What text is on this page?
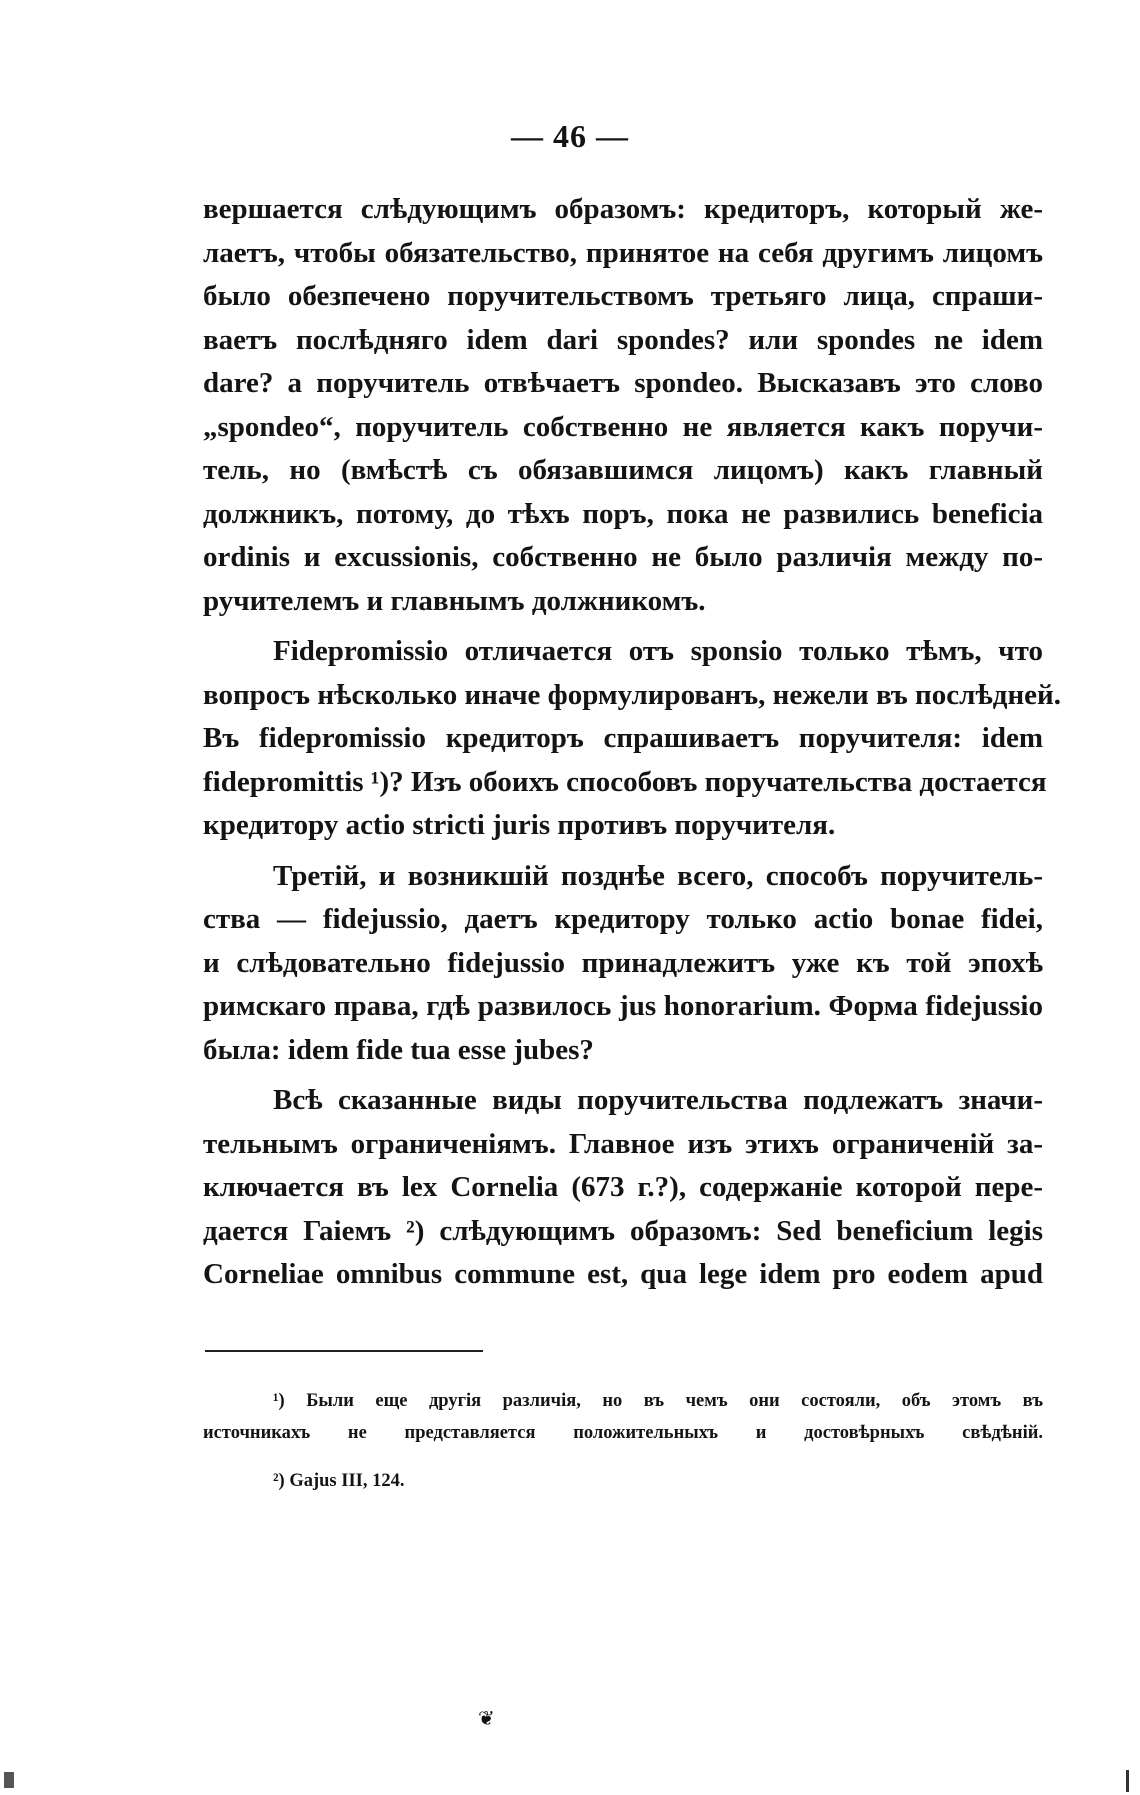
— 46 —

вершается слѣдующимъ образомъ: кредиторъ, который же-
лаетъ, чтобы обязательство, принятое на себя другимъ лицомъ
было обезпечено поручительствомъ третьяго лица, спраши-
ваетъ послѣдняго idem dari spondes? или spondes ne idem
dare? а поручитель отвѣчаетъ spondeo. Высказавъ это слово
„spondeo“, поручитель собственно не является какъ поручи-
тель, но (вмѣстѣ съ обязавшимся лицомъ) какъ главный
должникъ, потому, до тѣхъ поръ, пока не развились beneficia
ordinis и excussionis, собственно не было различія между по-
ручителемъ и главнымъ должникомъ.

Fidepromissio отличается отъ sponsio только тѣмъ, что
вопросъ нѣсколько иначе формулированъ, нежели въ послѣдней.
Въ fidepromissio кредиторъ спрашиваетъ поручителя: idem
fidepromittis ¹)? Изъ обоихъ способовъ поручательства достается
кредитору actio stricti juris противъ поручителя.

Третій, и возникшій позднѣе всего, способъ поручитель-
ства — fidejussio, даетъ кредитору только actio bonae fidei,
и слѣдовательно fidejussio принадлежитъ уже къ той эпохѣ
римскаго права, гдѣ развилось jus honorarium. Форма fidejussio
была: idem fide tua esse jubes?

Всѣ сказанные виды поручительства подлежатъ значи-
тельнымъ ограниченіямъ. Главное изъ этихъ ограниченій за-
ключается въ lex Cornelia (673 г.?), содержаніе которой пере-
дается Гаіемъ ²) слѣдующимъ образомъ: Sed beneficium legis
Corneliae omnibus commune est, qua lege idem pro eodem apud

¹) Были еще другія различія, но въ чемъ они состояли, объ этомъ въ
источникахъ не представляется положительныхъ и достовѣрныхъ свѣдѣній.
²) Gajus III, 124.
❦
